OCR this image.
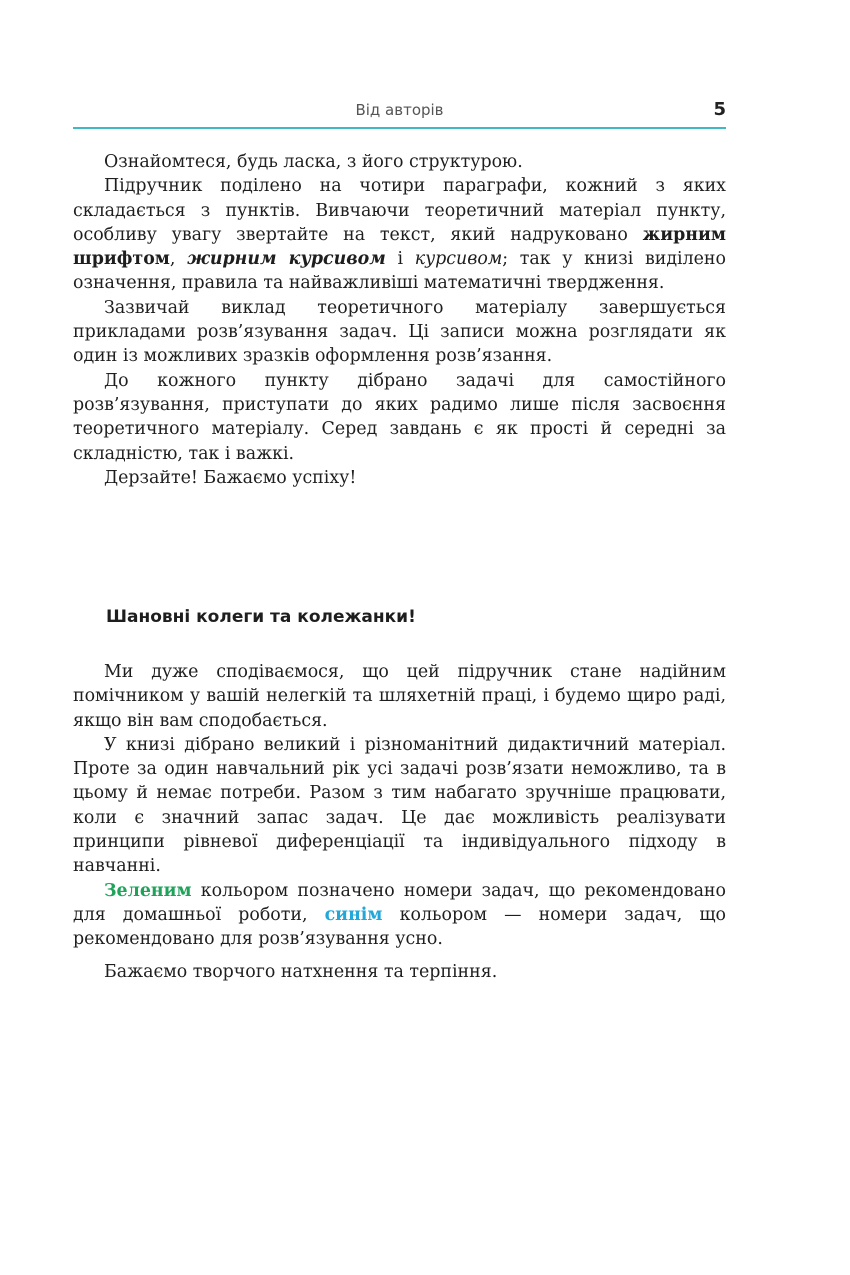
Від авторів	5

Ознайомтеся, будь ласка, з його структурою.

Підручник поділено на чотири параграфи, кожний з яких складається з пунктів. Вивчаючи теоретичний матеріал пункту, особливу увагу звертайте на текст, який надруковано жирним шрифтом, жирним курсивом і курсивом; так у книзі виділено означення, правила та найважливіші математичні твердження.

Зазвичай виклад теоретичного матеріалу завершується прикладами розв’язування задач. Ці записи можна розглядати як один із можливих зразків оформлення розв’язання.

До кожного пункту дібрано задачі для самостійного розв’язування, приступати до яких радимо лише після засвоєння теоретичного матеріалу. Серед завдань є як прості й середні за складністю, так і важкі.

Дерзайте! Бажаємо успіху!

Шановні колеги та колежанки!

Ми дуже сподіваємося, що цей підручник стане надійним помічником у вашій нелегкій та шляхетній праці, і будемо щиро раді, якщо він вам сподобається.

У книзі дібрано великий і різноманітний дидактичний матеріал. Проте за один навчальний рік усі задачі розв’язати неможливо, та в цьому й немає потреби. Разом з тим набагато зручніше працювати, коли є значний запас задач. Це дає можливість реалізувати принципи рівневої диференціації та індивідуального підходу в навчанні.

Зеленим кольором позначено номери задач, що рекомендовано для домашньої роботи, синім кольором — номери задач, що рекомендовано для розв’язування усно.

Бажаємо творчого натхнення та терпіння.
